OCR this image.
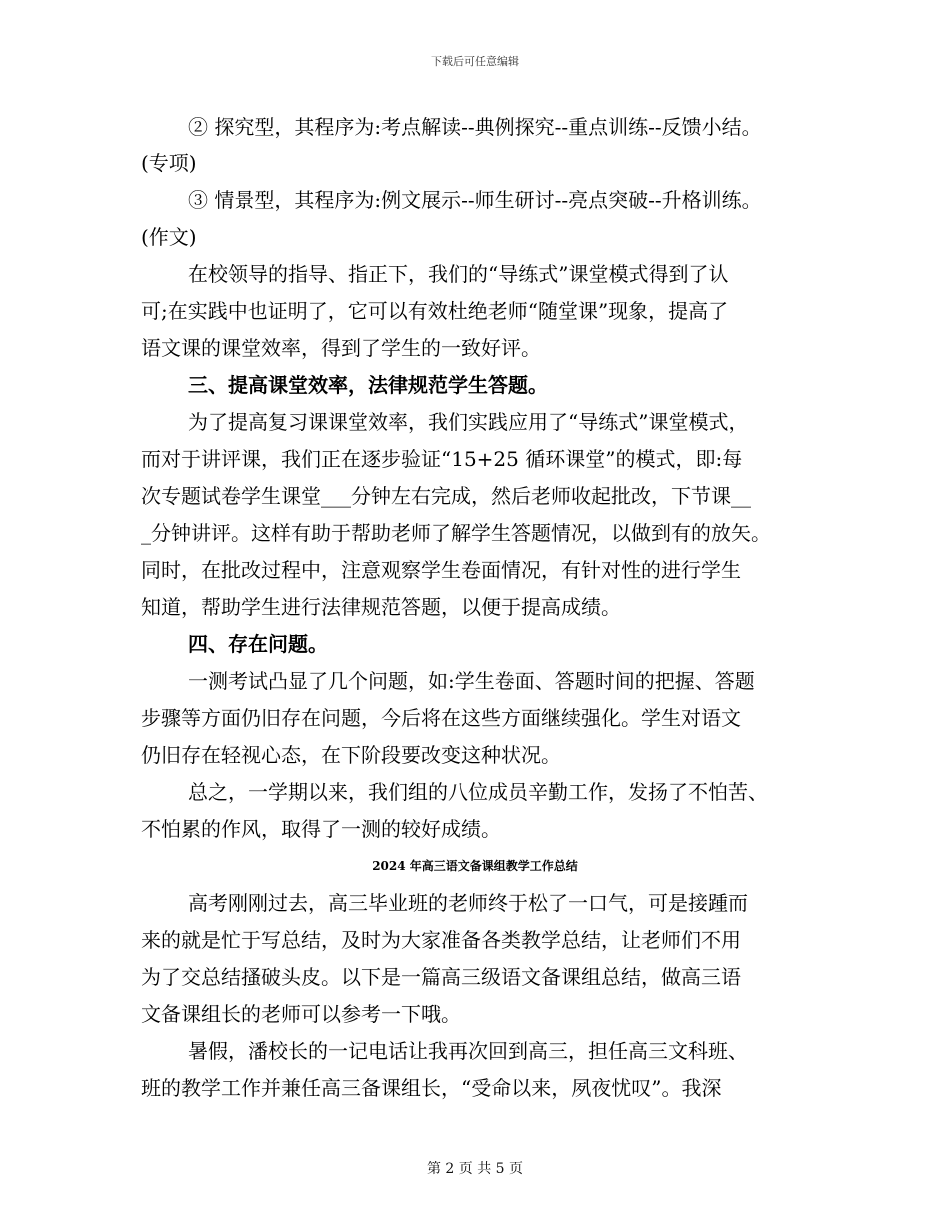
下载后可任意编辑
② 探究型，其程序为:考点解读--典例探究--重点训练--反馈小结。
(专项)
③ 情景型，其程序为:例文展示--师生研讨--亮点突破--升格训练。
(作文)
在校领导的指导、指正下，我们的“导练式”课堂模式得到了认
可;在实践中也证明了，它可以有效杜绝老师“随堂课”现象，提高了
语文课的课堂效率，得到了学生的一致好评。
三、提高课堂效率，法律规范学生答题。
为了提高复习课课堂效率，我们实践应用了“导练式”课堂模式，
而对于讲评课，我们正在逐步验证“15+25 循环课堂”的模式，即:每
次专题试卷学生课堂___分钟左右完成，然后老师收起批改，下节课__
_分钟讲评。这样有助于帮助老师了解学生答题情况，以做到有的放矢。
同时，在批改过程中，注意观察学生卷面情况，有针对性的进行学生
知道，帮助学生进行法律规范答题，以便于提高成绩。
四、存在问题。
一测考试凸显了几个问题，如:学生卷面、答题时间的把握、答题
步骤等方面仍旧存在问题，今后将在这些方面继续强化。学生对语文
仍旧存在轻视心态，在下阶段要改变这种状况。
总之，一学期以来，我们组的八位成员辛勤工作，发扬了不怕苦、
不怕累的作风，取得了一测的较好成绩。
2024 年高三语文备课组教学工作总结
高考刚刚过去，高三毕业班的老师终于松了一口气，可是接踵而
来的就是忙于写总结，及时为大家准备各类教学总结，让老师们不用
为了交总结搔破头皮。以下是一篇高三级语文备课组总结，做高三语
文备课组长的老师可以参考一下哦。
暑假，潘校长的一记电话让我再次回到高三，担任高三文科班、
班的教学工作并兼任高三备课组长，“受命以来，夙夜忧叹”。我深
第 2 页 共 5 页
